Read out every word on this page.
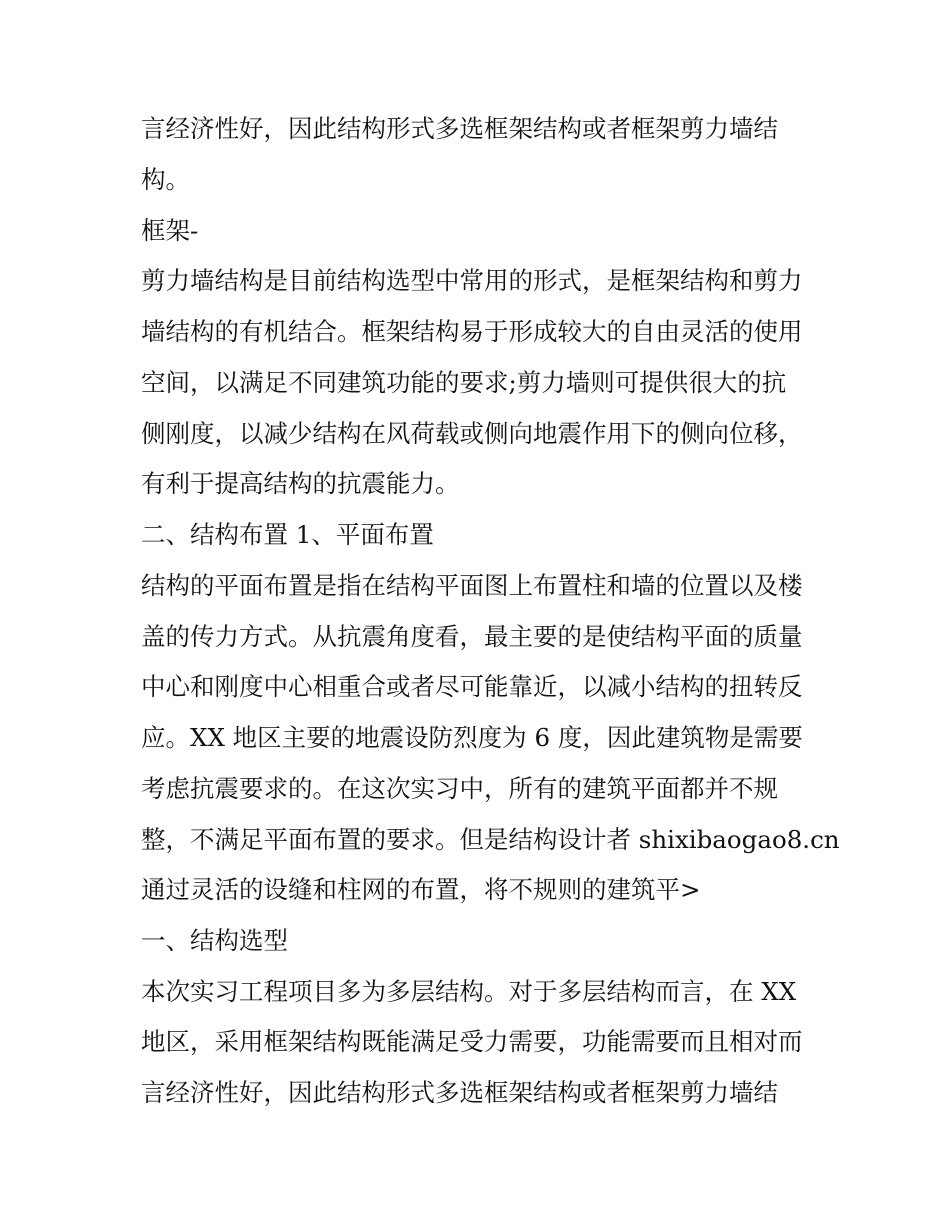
言经济性好，因此结构形式多选框架结构或者框架剪力墙结
构。
框架-
剪力墙结构是目前结构选型中常用的形式，是框架结构和剪力
墙结构的有机结合。框架结构易于形成较大的自由灵活的使用
空间，以满足不同建筑功能的要求;剪力墙则可提供很大的抗
侧刚度，以减少结构在风荷载或侧向地震作用下的侧向位移，
有利于提高结构的抗震能力。
二、结构布置 1、平面布置
结构的平面布置是指在结构平面图上布置柱和墙的位置以及楼
盖的传力方式。从抗震角度看，最主要的是使结构平面的质量
中心和刚度中心相重合或者尽可能靠近，以减小结构的扭转反
应。XX 地区主要的地震设防烈度为 6 度，因此建筑物是需要
考虑抗震要求的。在这次实习中，所有的建筑平面都并不规
整，不满足平面布置的要求。但是结构设计者 shixibaogao8.cn
通过灵活的设缝和柱网的布置，将不规则的建筑平>
一、结构选型
本次实习工程项目多为多层结构。对于多层结构而言，在 XX
地区，采用框架结构既能满足受力需要，功能需要而且相对而
言经济性好，因此结构形式多选框架结构或者框架剪力墙结
